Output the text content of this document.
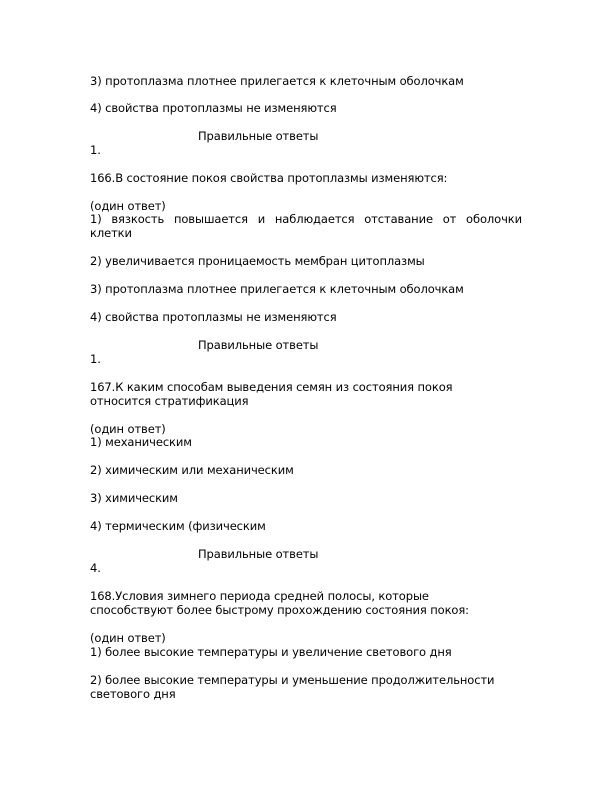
3) протоплазма плотнее прилегается к клеточным оболочкам
4) свойства протоплазмы не изменяются
Правильные ответы
1.
166.В состояние покоя свойства протоплазмы изменяются:
(один ответ)
1) вязкость повышается и наблюдается отставание от оболочки
клетки
2) увеличивается проницаемость мембран цитоплазмы
3) протоплазма плотнее прилегается к клеточным оболочкам
4) свойства протоплазмы не изменяются
Правильные ответы
1.
167.К каким способам выведения семян из состояния покоя
относится стратификация
(один ответ)
1) механическим
2) химическим или механическим
3) химическим
4) термическим (физическим
Правильные ответы
4.
168.Условия зимнего периода средней полосы, которые
способствуют более быстрому прохождению состояния покоя:
(один ответ)
1) более высокие температуры и увеличение светового дня
2) более высокие температуры и уменьшение продолжительности
светового дня
